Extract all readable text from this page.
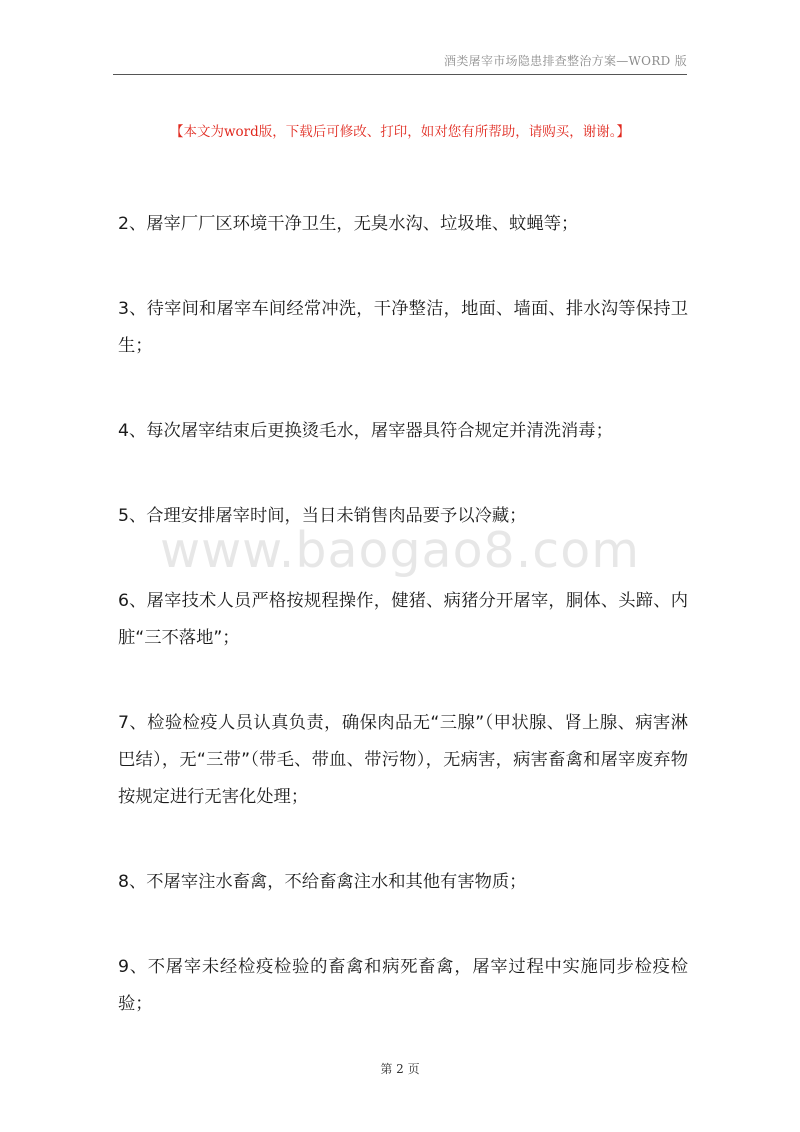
酒类屠宰市场隐患排查整治方案—WORD 版
【本文为word版，下载后可修改、打印，如对您有所帮助，请购买，谢谢。】
www.baogao8.com

2、屠宰厂厂区环境干净卫生，无臭水沟、垃圾堆、蚊蝇等；

3、待宰间和屠宰车间经常冲洗，干净整洁，地面、墙面、排水沟等保持卫生；

4、每次屠宰结束后更换烫毛水，屠宰器具符合规定并清洗消毒；

5、合理安排屠宰时间，当日未销售肉品要予以冷藏；

6、屠宰技术人员严格按规程操作，健猪、病猪分开屠宰，胴体、头蹄、内脏“三不落地”；

7、检验检疫人员认真负责，确保肉品无“三腺”（甲状腺、肾上腺、病害淋巴结），无“三带”（带毛、带血、带污物），无病害，病害畜禽和屠宰废弃物按规定进行无害化处理；

8、不屠宰注水畜禽，不给畜禽注水和其他有害物质；

9、不屠宰未经检疫检验的畜禽和病死畜禽，屠宰过程中实施同步检疫检验；

第 2 页
